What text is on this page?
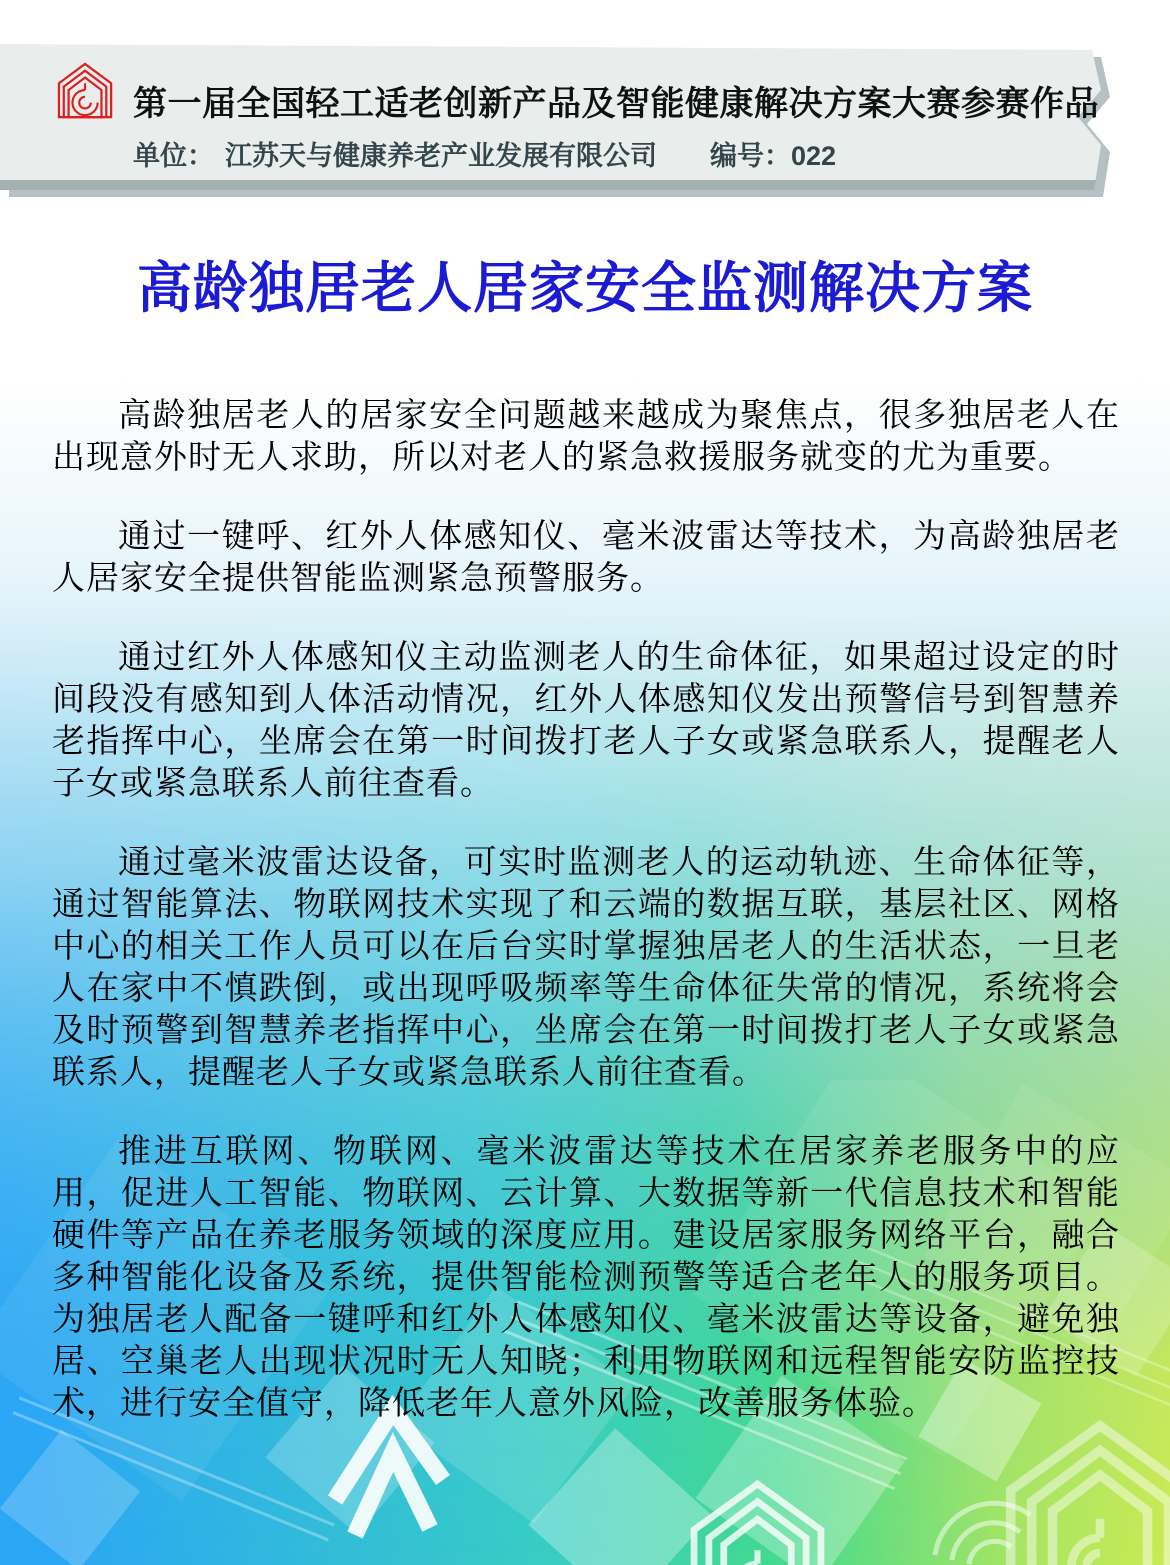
第一届全国轻工适老创新产品及智能健康解决方案大赛参赛作品
单位： 江苏天与健康养老产业发展有限公司 编号：022
高龄独居老人居家安全监测解决方案

高龄独居老人的居家安全问题越来越成为聚焦点，很多独居老人在出现意外时无人求助，所以对老人的紧急救援服务就变的尤为重要。

通过一键呼、红外人体感知仪、毫米波雷达等技术，为高龄独居老人居家安全提供智能监测紧急预警服务。

通过红外人体感知仪主动监测老人的生命体征，如果超过设定的时间段没有感知到人体活动情况，红外人体感知仪发出预警信号到智慧养老指挥中心，坐席会在第一时间拨打老人子女或紧急联系人，提醒老人子女或紧急联系人前往查看。

通过毫米波雷达设备，可实时监测老人的运动轨迹、生命体征等，通过智能算法、物联网技术实现了和云端的数据互联，基层社区、网格中心的相关工作人员可以在后台实时掌握独居老人的生活状态，一旦老人在家中不慎跌倒，或出现呼吸频率等生命体征失常的情况，系统将会及时预警到智慧养老指挥中心，坐席会在第一时间拨打老人子女或紧急联系人，提醒老人子女或紧急联系人前往查看。

推进互联网、物联网、毫米波雷达等技术在居家养老服务中的应用，促进人工智能、物联网、云计算、大数据等新一代信息技术和智能硬件等产品在养老服务领域的深度应用。建设居家服务网络平台，融合多种智能化设备及系统，提供智能检测预警等适合老年人的服务项目。为独居老人配备一键呼和红外人体感知仪、毫米波雷达等设备，避免独居、空巢老人出现状况时无人知晓；利用物联网和远程智能安防监控技术，进行安全值守，降低老年人意外风险，改善服务体验。
